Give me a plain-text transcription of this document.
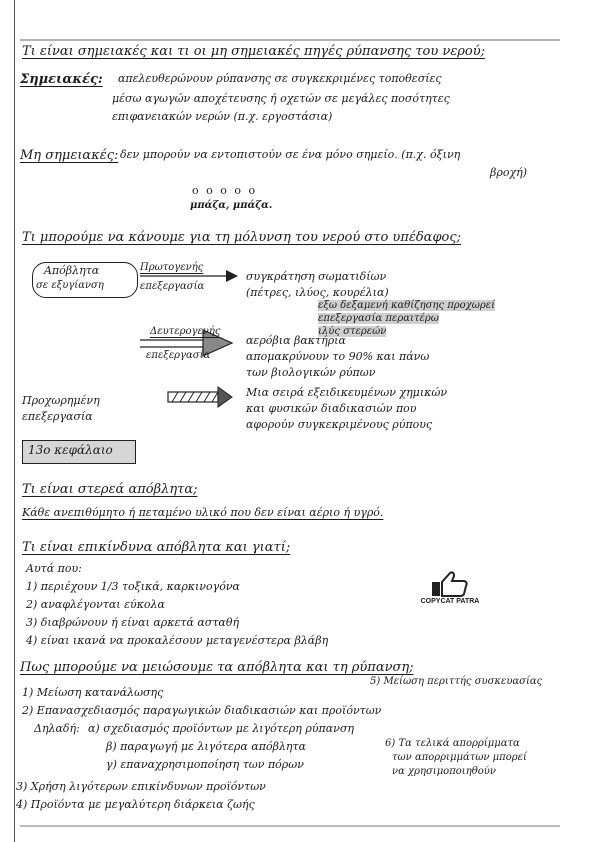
Τι είναι σημειακές και τι οι μη σημειακές πηγές ρύπανσης του νερού;
Σημειακές: απελευθερώνουν ρύπανσης σε συγκεκριμένες τοποθεσίες
μέσω αγωγών αποχέτευσης ή οχετών σε μεγάλες ποσότητες
επιφανειακών νερών (π.χ. εργοστάσια)
Μη σημειακές: δεν μπορούν να εντοπιστούν σε ένα μόνο σημείο. (π.χ. όξινη
βροχή)
ο ο ο ο ο
μπάζα, μπάζα.
Τι μπορούμε να κάνουμε για τη μόλυνση του νερού στο υπέδαφος;
Απόβλητα
σε εξυγίανση
Πρωτογενής
επεξεργασία
συγκράτηση σωματιδίων
(πέτρες, ιλύος, κουρέλια)
εξω δεξαμενή καθίζησης προχωρεί
επεξεργασία περαιτέρω
ιλύς στερεών
Δευτερογενής
επεξεργασία
αερόβια βακτήρια
απομακρύνουν το 90% και πάνω
των βιολογικών ρύπων
Προχωρημένη
επεξεργασία
Μια σειρά εξειδικευμένων χημικών
και φυσικών διαδικασιών που
αφορούν συγκεκριμένους ρύπους
13ο κεφάλαιο
Τι είναι στερεά απόβλητα;
Κάθε ανεπιθύμητο ή πεταμένο υλικό που δεν είναι αέριο ή υγρό.
Τι είναι επικίνδυνα απόβλητα και γιατί;
Αυτά που:
1) περιέχουν 1/3 τοξικά, καρκινογόνα
2) αναφλέγονται εύκολα
3) διαβρώνουν ή είναι αρκετά ασταθή
4) είναι ικανά να προκαλέσουν μεταγενέστερα βλάβη
COPYCAT PATRA
Πως μπορούμε να μειώσουμε τα απόβλητα και τη ρύπανση;
1) Μείωση κατανάλωσης
5) Μείωση περιττής συσκευασίας
2) Επανασχεδιασμός παραγωγικών διαδικασιών και προϊόντων
Δηλαδή: α) σχεδιασμός προϊόντων με λιγότερη ρύπανση
β) παραγωγή με λιγότερα απόβλητα
γ) επαναχρησιμοποίηση των πόρων
6) Τα τελικά απορρίμματα
των απορριμμάτων μπορεί
να χρησιμοποιηθούν
3) Χρήση λιγότερων επικίνδυνων προϊόντων
4) Προϊόντα με μεγαλύτερη διάρκεια ζωής
